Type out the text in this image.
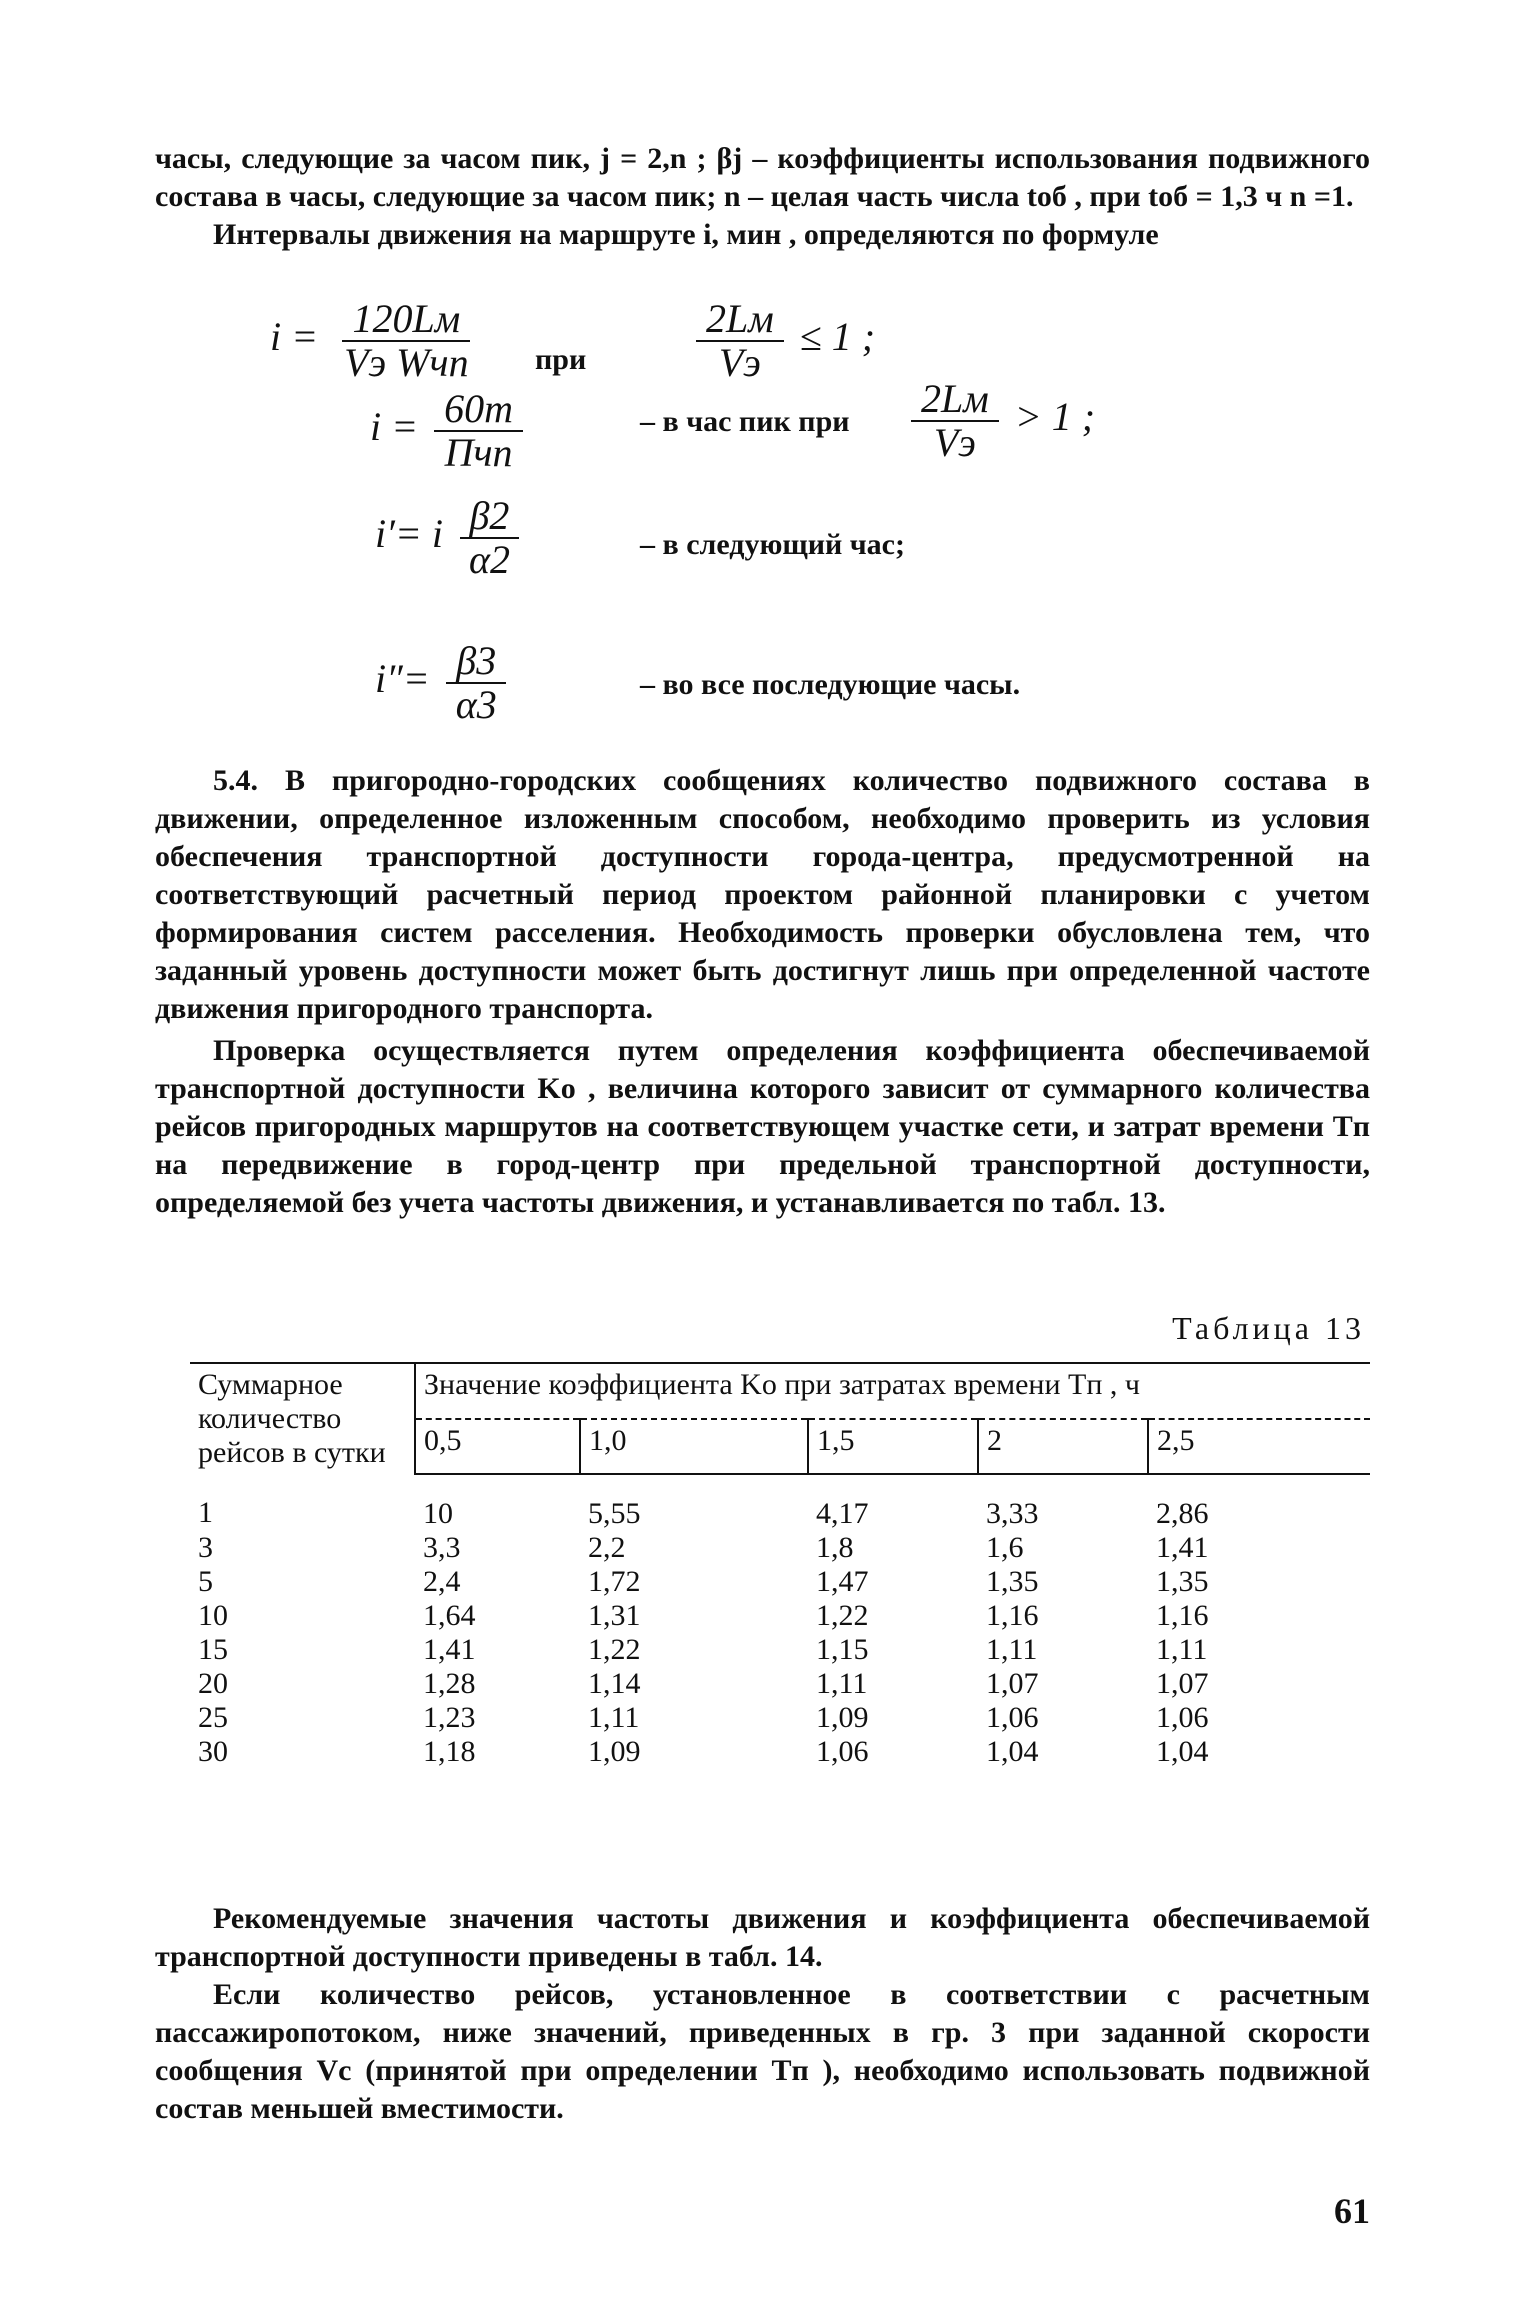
часы, следующие за часом пик, j = 2,n ; βj – коэффициенты использования подвижного состава в часы, следующие за часом пик; n – целая часть числа tоб , при tоб = 1,3 ч n =1.

Интервалы движения на маршруте i, мин , определяются по формуле

$i = \frac{120Lм}{\text{Vэ Wчп}}$ при	$\frac{2Lм}{Vэ} \le 1$ ;
$i = \frac{60m}{\text{Пчп}}$	– в час пик при $\frac{2Lм}{Vэ} > 1$ ;
i′= i $\frac{\beta 2}{\alpha 2}$	– в следующий час;
$i''= \frac{\beta 3}{\alpha 3}$	– во все последующие часы.

5.4. В пригородно-городских сообщениях количество подвижного состава в движении, определенное изложенным способом, необходимо проверить из условия обеспечения транспортной доступности города-центра, предусмотренной на соответствующий расчетный период проектом районной планировки с учетом формирования систем расселения. Необходимость проверки обусловлена тем, что заданный уровень доступности может быть достигнут лишь при определенной частоте движения пригородного транспорта.

Проверка осуществляется путем определения коэффициента обеспечиваемой транспортной доступности Kо , величина которого зависит от суммарного количества рейсов пригородных маршрутов на соответствующем участке сети, и затрат времени Tп на передвижение в город-центр при предельной транспортной доступности, определяемой без учета частоты движения, и устанавливается по табл. 13.

Таблица 13
Суммарное количество рейсов в сутки	Значение коэффициента Kо при затратах времени Tп , ч				
	0,5	1,0	1,5	2	2,5
1	10	5,55	4,17	3,33	2,86
3	3,3	2,2	1,8	1,6	1,41
5	2,4	1,72	1,47	1,35	1,35
10	1,64	1,31	1,22	1,16	1,16
15	1,41	1,22	1,15	1,11	1,11
20	1,28	1,14	1,11	1,07	1,07
25	1,23	1,11	1,09	1,06	1,06
30	1,18	1,09	1,06	1,04	1,04

Рекомендуемые значения частоты движения и коэффициента обеспечиваемой транспортной доступности приведены в табл. 14.

Если количество рейсов, установленное в соответствии с расчетным пассажиропотоком, ниже значений, приведенных в гр. 3 при заданной скорости сообщения Vс (принятой при определении Tп ), необходимо использовать подвижной состав меньшей вместимости.

61
